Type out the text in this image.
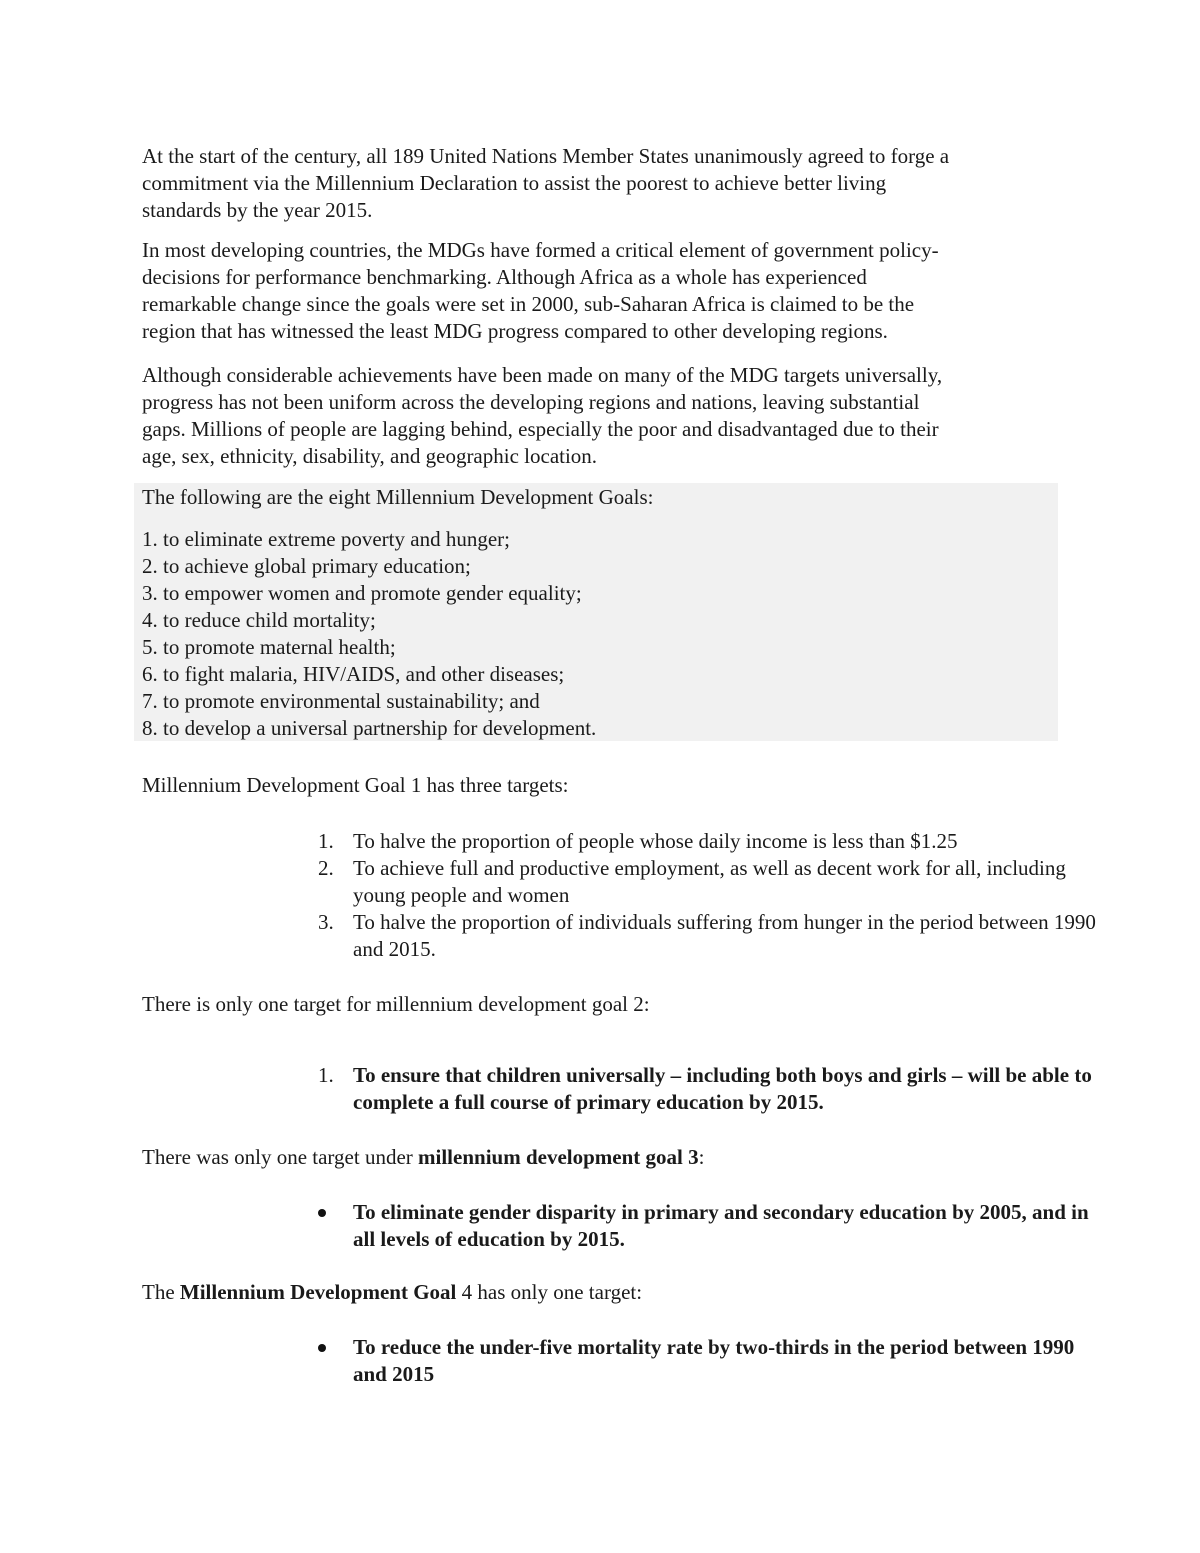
At the start of the century, all 189 United Nations Member States unanimously agreed to forge a
commitment via the Millennium Declaration to assist the poorest to achieve better living
standards by the year 2015.
In most developing countries, the MDGs have formed a critical element of government policy-
decisions for performance benchmarking. Although Africa as a whole has experienced
remarkable change since the goals were set in 2000, sub-Saharan Africa is claimed to be the
region that has witnessed the least MDG progress compared to other developing regions.
Although considerable achievements have been made on many of the MDG targets universally,
progress has not been uniform across the developing regions and nations, leaving substantial
gaps. Millions of people are lagging behind, especially the poor and disadvantaged due to their
age, sex, ethnicity, disability, and geographic location.
The following are the eight Millennium Development Goals:
1. to eliminate extreme poverty and hunger;
2. to achieve global primary education;
3. to empower women and promote gender equality;
4. to reduce child mortality;
5. to promote maternal health;
6. to fight malaria, HIV/AIDS, and other diseases;
7. to promote environmental sustainability; and
8. to develop a universal partnership for development.
Millennium Development Goal 1 has three targets:
1. To halve the proportion of people whose daily income is less than $1.25
2. To achieve full and productive employment, as well as decent work for all, including
young people and women
3. To halve the proportion of individuals suffering from hunger in the period between 1990
and 2015.
There is only one target for millennium development goal 2:
1. To ensure that children universally – including both boys and girls – will be able to
complete a full course of primary education by 2015.
There was only one target under millennium development goal 3:
To eliminate gender disparity in primary and secondary education by 2005, and in
all levels of education by 2015.
The Millennium Development Goal 4 has only one target:
To reduce the under-five mortality rate by two-thirds in the period between 1990
and 2015
